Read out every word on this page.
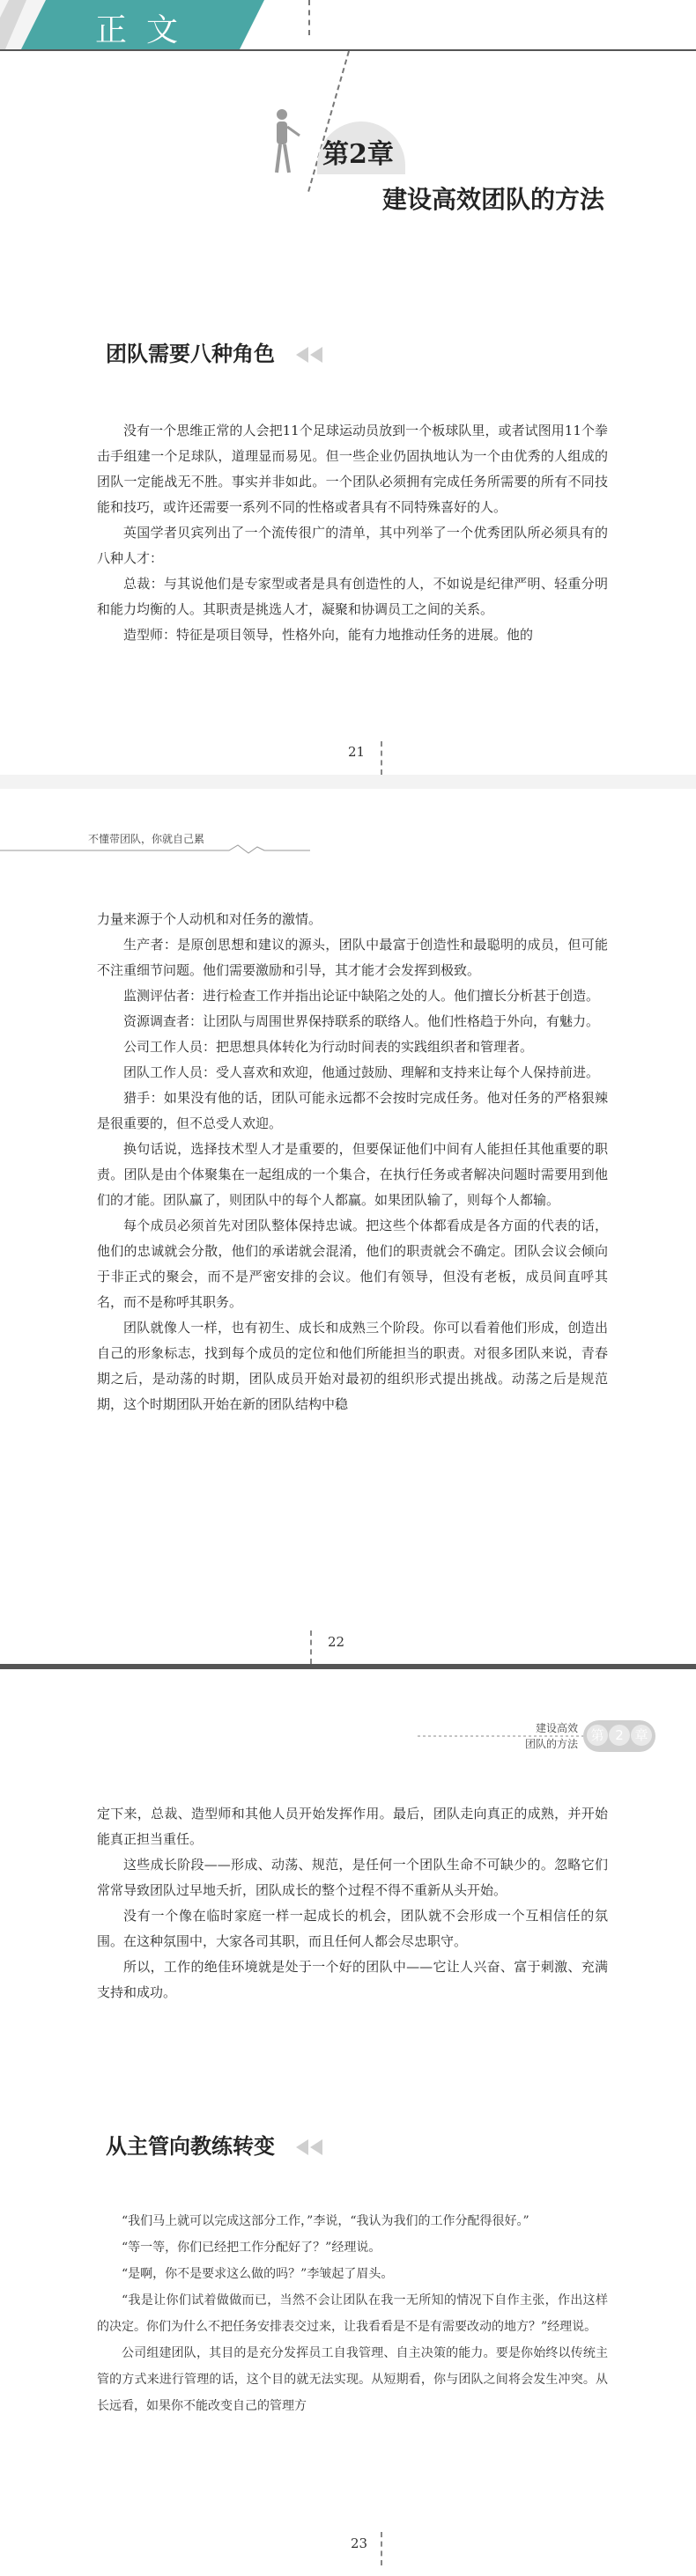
正文
第2章
建设高效团队的方法
团队需要八种角色

没有一个思维正常的人会把11个足球运动员放到一个板球队里，或者试图用11个拳击手组建一个足球队，道理显而易见。但一些企业仍固执地认为一个由优秀的人组成的团队一定能战无不胜。事实并非如此。一个团队必须拥有完成任务所需要的所有不同技能和技巧，或许还需要一系列不同的性格或者具有不同特殊喜好的人。

英国学者贝宾列出了一个流传很广的清单，其中列举了一个优秀团队所必须具有的八种人才：

总裁：与其说他们是专家型或者是具有创造性的人，不如说是纪律严明、轻重分明和能力均衡的人。其职责是挑选人才，凝聚和协调员工之间的关系。

造型师：特征是项目领导，性格外向，能有力地推动任务的进展。他的

21
不懂带团队，你就自己累

力量来源于个人动机和对任务的激情。

生产者：是原创思想和建议的源头，团队中最富于创造性和最聪明的成员，但可能不注重细节问题。他们需要激励和引导，其才能才会发挥到极致。

监测评估者：进行检查工作并指出论证中缺陷之处的人。他们擅长分析甚于创造。

资源调查者：让团队与周围世界保持联系的联络人。他们性格趋于外向，有魅力。

公司工作人员：把思想具体转化为行动时间表的实践组织者和管理者。

团队工作人员：受人喜欢和欢迎，他通过鼓励、理解和支持来让每个人保持前进。

猎手：如果没有他的话，团队可能永远都不会按时完成任务。他对任务的严格狠辣是很重要的，但不总受人欢迎。

换句话说，选择技术型人才是重要的，但要保证他们中间有人能担任其他重要的职责。团队是由个体聚集在一起组成的一个集合，在执行任务或者解决问题时需要用到他们的才能。团队赢了，则团队中的每个人都赢。如果团队输了，则每个人都输。

每个成员必须首先对团队整体保持忠诚。把这些个体都看成是各方面的代表的话，他们的忠诚就会分散，他们的承诺就会混淆，他们的职责就会不确定。团队会议会倾向于非正式的聚会，而不是严密安排的会议。他们有领导，但没有老板，成员间直呼其名，而不是称呼其职务。

团队就像人一样，也有初生、成长和成熟三个阶段。你可以看着他们形成，创造出自己的形象标志，找到每个成员的定位和他们所能担当的职责。对很多团队来说，青春期之后，是动荡的时期，团队成员开始对最初的组织形式提出挑战。动荡之后是规范期，这个时期团队开始在新的团队结构中稳

22
建设高效
团队的方法
第 2 章

定下来，总裁、造型师和其他人员开始发挥作用。最后，团队走向真正的成熟，并开始能真正担当重任。

这些成长阶段——形成、动荡、规范，是任何一个团队生命不可缺少的。忽略它们常常导致团队过早地夭折，团队成长的整个过程不得不重新从头开始。

没有一个像在临时家庭一样一起成长的机会，团队就不会形成一个互相信任的氛围。在这种氛围中，大家各司其职，而且任何人都会尽忠职守。

所以，工作的绝佳环境就是处于一个好的团队中——它让人兴奋、富于刺激、充满支持和成功。

从主管向教练转变

“我们马上就可以完成这部分工作，”李说，“我认为我们的工作分配得很好。”

“等一等，你们已经把工作分配好了？”经理说。

“是啊，你不是要求这么做的吗？”李皱起了眉头。

“我是让你们试着做做而已，当然不会让团队在我一无所知的情况下自作主张，作出这样的决定。你们为什么不把任务安排表交过来，让我看看是不是有需要改动的地方？”经理说。

公司组建团队，其目的是充分发挥员工自我管理、自主决策的能力。要是你始终以传统主管的方式来进行管理的话，这个目的就无法实现。从短期看，你与团队之间将会发生冲突。从长远看，如果你不能改变自己的管理方

23
